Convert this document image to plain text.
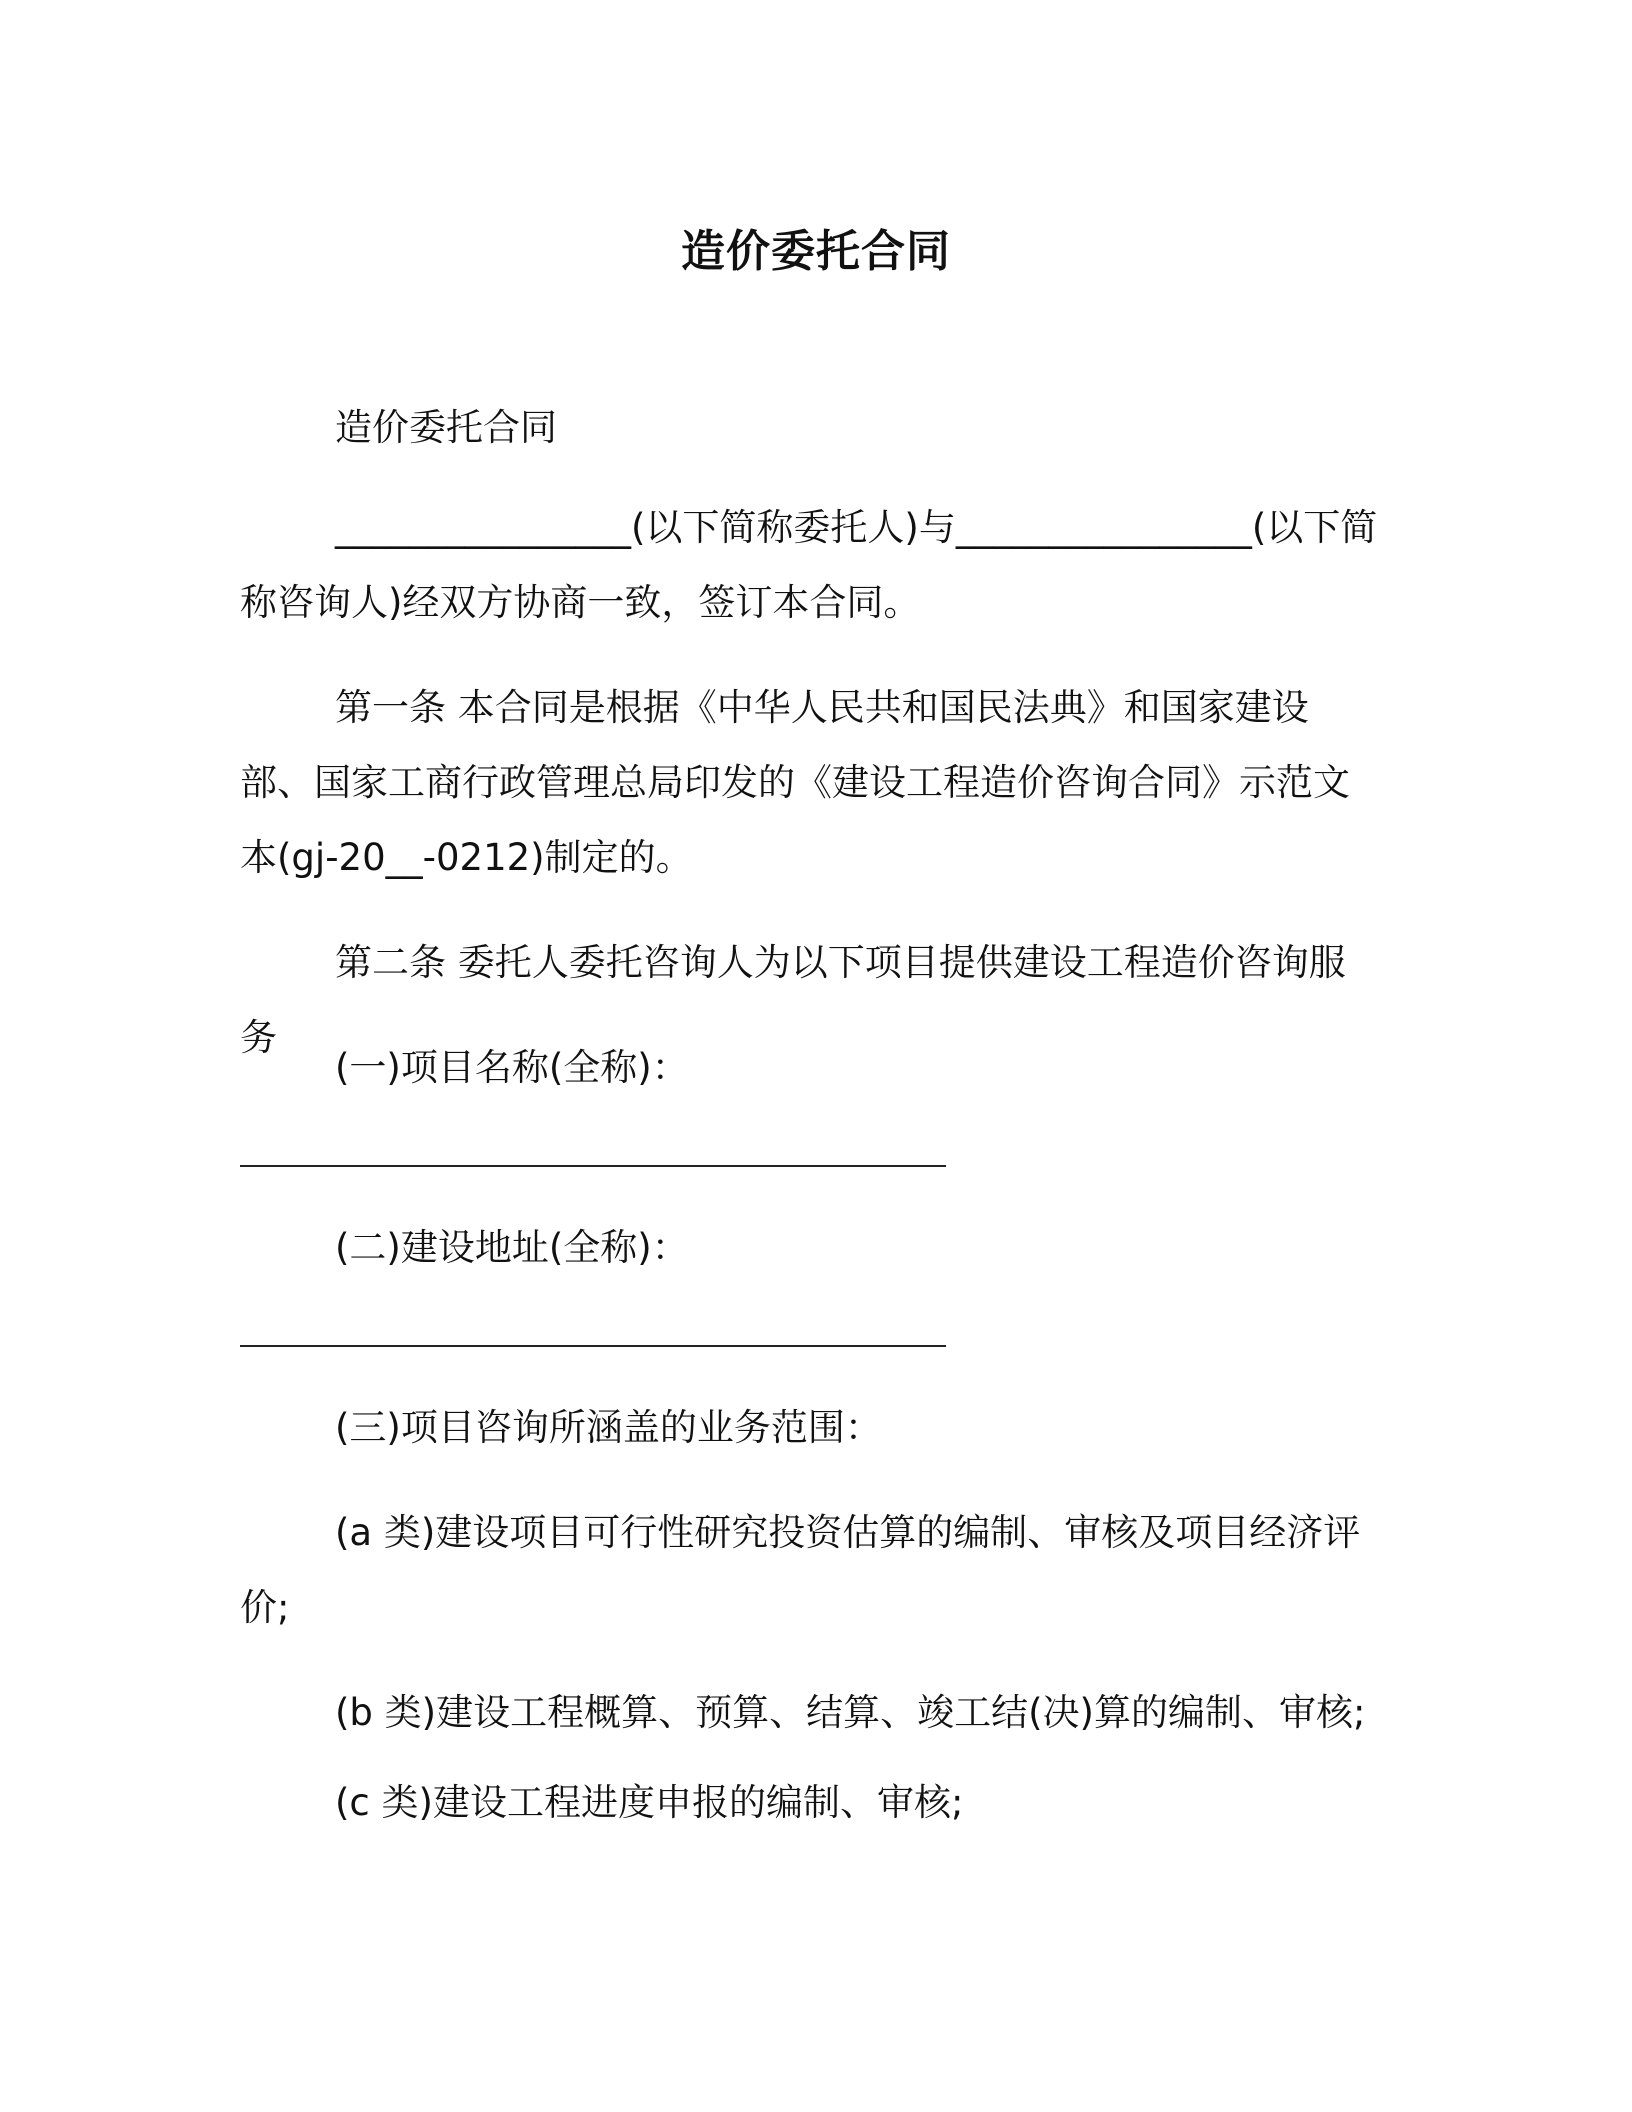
造价委托合同
造价委托合同
________________(以下简称委托人)与________________(以下简称咨询人)经双方协商一致，签订本合同。
第一条 本合同是根据《中华人民共和国民法典》和国家建设部、国家工商行政管理总局印发的《建设工程造价咨询合同》示范文本(gj-20__-0212)制定的。
第二条 委托人委托咨询人为以下项目提供建设工程造价咨询服务
(一)项目名称(全称)：
(二)建设地址(全称)：
(三)项目咨询所涵盖的业务范围：
(a 类)建设项目可行性研究投资估算的编制、审核及项目经济评价;
(b 类)建设工程概算、预算、结算、竣工结(决)算的编制、审核;
(c 类)建设工程进度申报的编制、审核;
